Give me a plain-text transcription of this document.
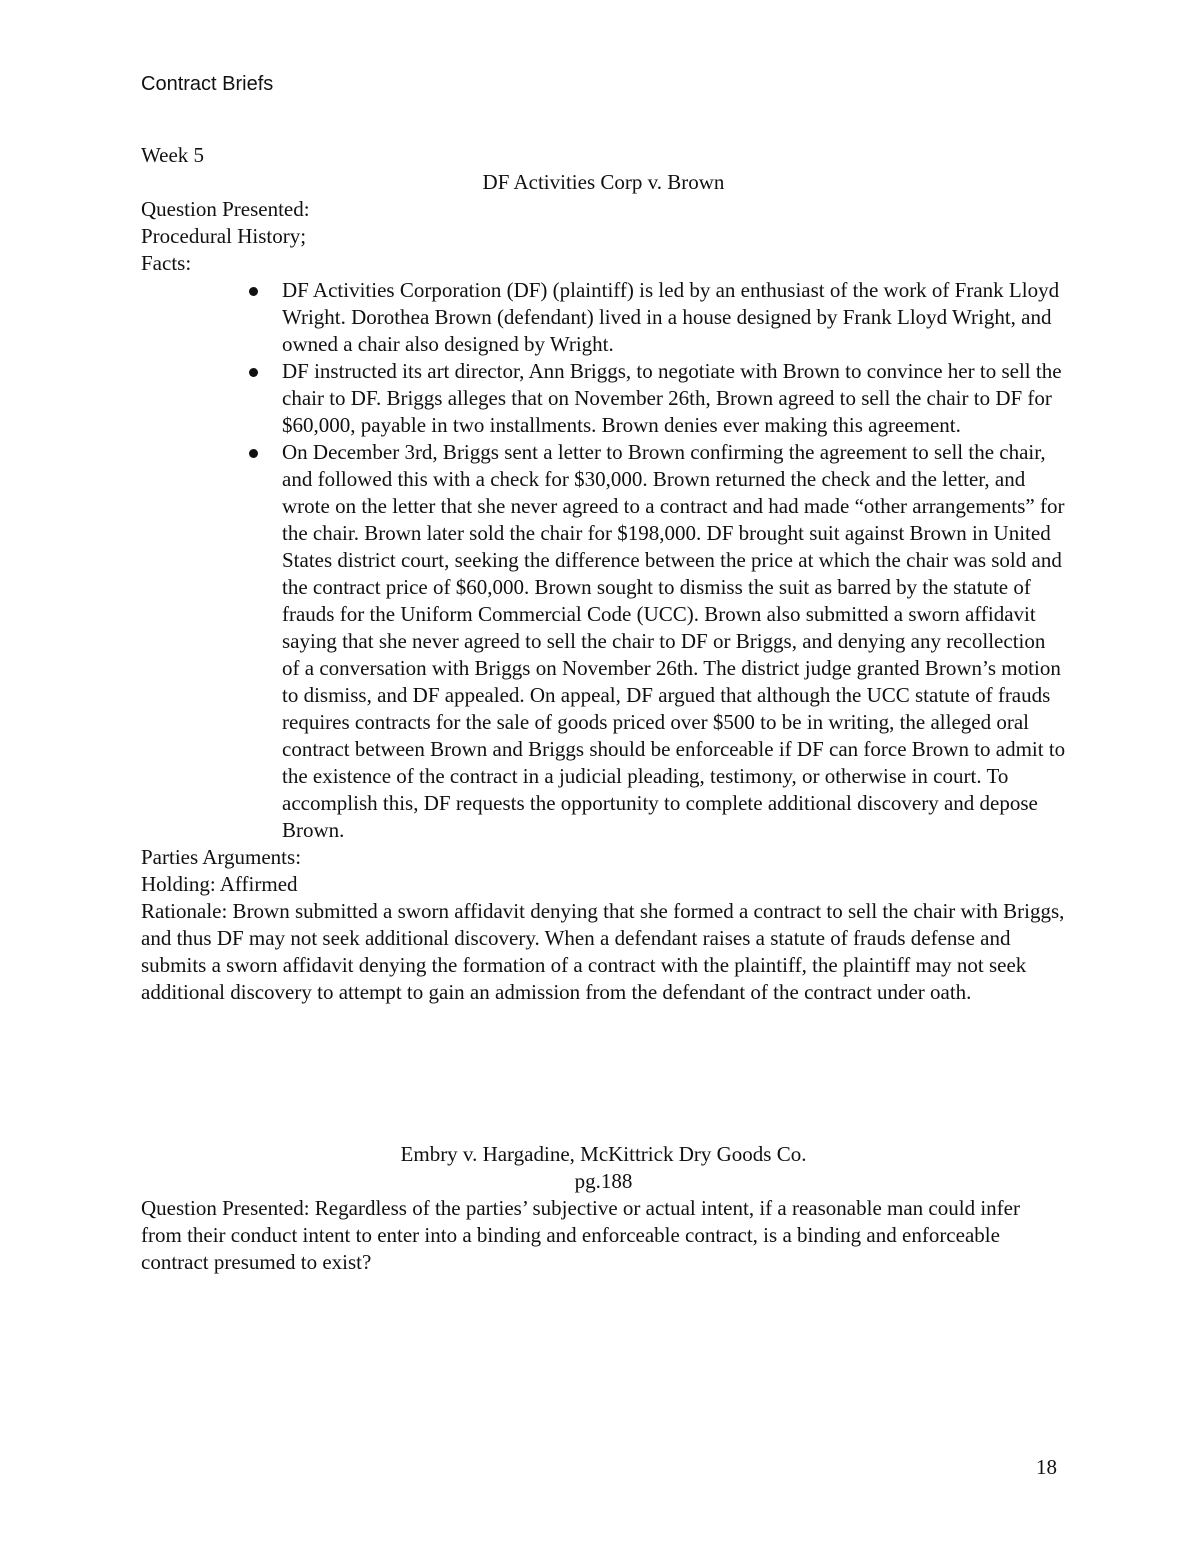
Contract Briefs

Week 5

DF Activities Corp v. Brown

Question Presented:

Procedural History;

Facts:

DF Activities Corporation (DF) (plaintiff) is led by an enthusiast of the work of Frank Lloyd Wright. Dorothea Brown (defendant) lived in a house designed by Frank Lloyd Wright, and owned a chair also designed by Wright.
DF instructed its art director, Ann Briggs, to negotiate with Brown to convince her to sell the chair to DF. Briggs alleges that on November 26th, Brown agreed to sell the chair to DF for $60,000, payable in two installments. Brown denies ever making this agreement.
On December 3rd, Briggs sent a letter to Brown confirming the agreement to sell the chair, and followed this with a check for $30,000. Brown returned the check and the letter, and wrote on the letter that she never agreed to a contract and had made “other arrangements” for the chair. Brown later sold the chair for $198,000. DF brought suit against Brown in United States district court, seeking the difference between the price at which the chair was sold and the contract price of $60,000. Brown sought to dismiss the suit as barred by the statute of frauds for the Uniform Commercial Code (UCC). Brown also submitted a sworn affidavit saying that she never agreed to sell the chair to DF or Briggs, and denying any recollection of a conversation with Briggs on November 26th. The district judge granted Brown’s motion to dismiss, and DF appealed. On appeal, DF argued that although the UCC statute of frauds requires contracts for the sale of goods priced over $500 to be in writing, the alleged oral contract between Brown and Briggs should be enforceable if DF can force Brown to admit to the existence of the contract in a judicial pleading, testimony, or otherwise in court. To accomplish this, DF requests the opportunity to complete additional discovery and depose Brown.

Parties Arguments:

Holding: Affirmed

Rationale: Brown submitted a sworn affidavit denying that she formed a contract to sell the chair with Briggs, and thus DF may not seek additional discovery. When a defendant raises a statute of frauds defense and submits a sworn affidavit denying the formation of a contract with the plaintiff, the plaintiff may not seek additional discovery to attempt to gain an admission from the defendant of the contract under oath.

Embry v. Hargadine, McKittrick Dry Goods Co.

pg.188

Question Presented: Regardless of the parties’ subjective or actual intent, if a reasonable man could infer from their conduct intent to enter into a binding and enforceable contract, is a binding and enforceable contract presumed to exist?

18
